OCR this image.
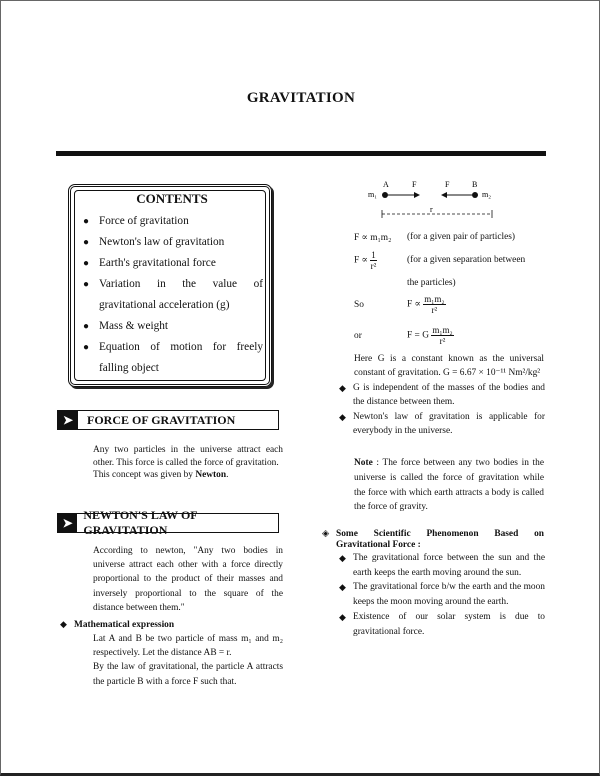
GRAVITATION
CONTENTS
● Force of gravitation
● Newton's law of gravitation
● Earth's gravitational force
● Variation in the value of gravitational acceleration (g)
● Mass & weight
● Equation of motion for freely falling object
➤	FORCE OF GRAVITATION
Any two particles in the universe attract each other. This force is called the force of gravitation.
This concept was given by Newton.
➤
NEWTON'S LAW OF GRAVITATION
According to newton, "Any two bodies in universe attract each other with a force directly proportional to the product of their masses and inversely proportional to the square of the distance between them."
◆ Mathematical expression
Lat A and B be two particle of mass m₁ and m₂ respectively. Let the distance AB = r.
By the law of gravitational, the particle A attracts the particle B with a force F such that.
m₁
A	F	F	B
m₂
r
F ∝ m₁m₂ (for a given pair of particles)
$F \propto \frac{1}{\text{r²}}$	(for a given separation between
the particles)
So	$F \propto \frac{\text{m₁m₂}}{\text{r²}}$
or	F = G $\frac{\text{m₁m₂}}{\text{r²}}$
Here G is a constant known as the universal constant of gravitation. G = 6.67 × 10⁻¹¹ Nm²/kg²
◆ G is independent of the masses of the bodies and the distance between them.
◆ Newton's law of gravitation is applicable for everybody in the universe.
Note : The force between any two bodies in the universe is called the force of gravitation while the force with which earth attracts a body is called the force of gravity.
◈ Some Scientific Phenomenon Based on Gravitational Force :
◆ The gravitational force between the sun and the earth keeps the earth moving around the sun.
◆ The gravitational force b/w the earth and the moon keeps the moon moving around the earth.
◆ Existence of our solar system is due to gravitational force.
